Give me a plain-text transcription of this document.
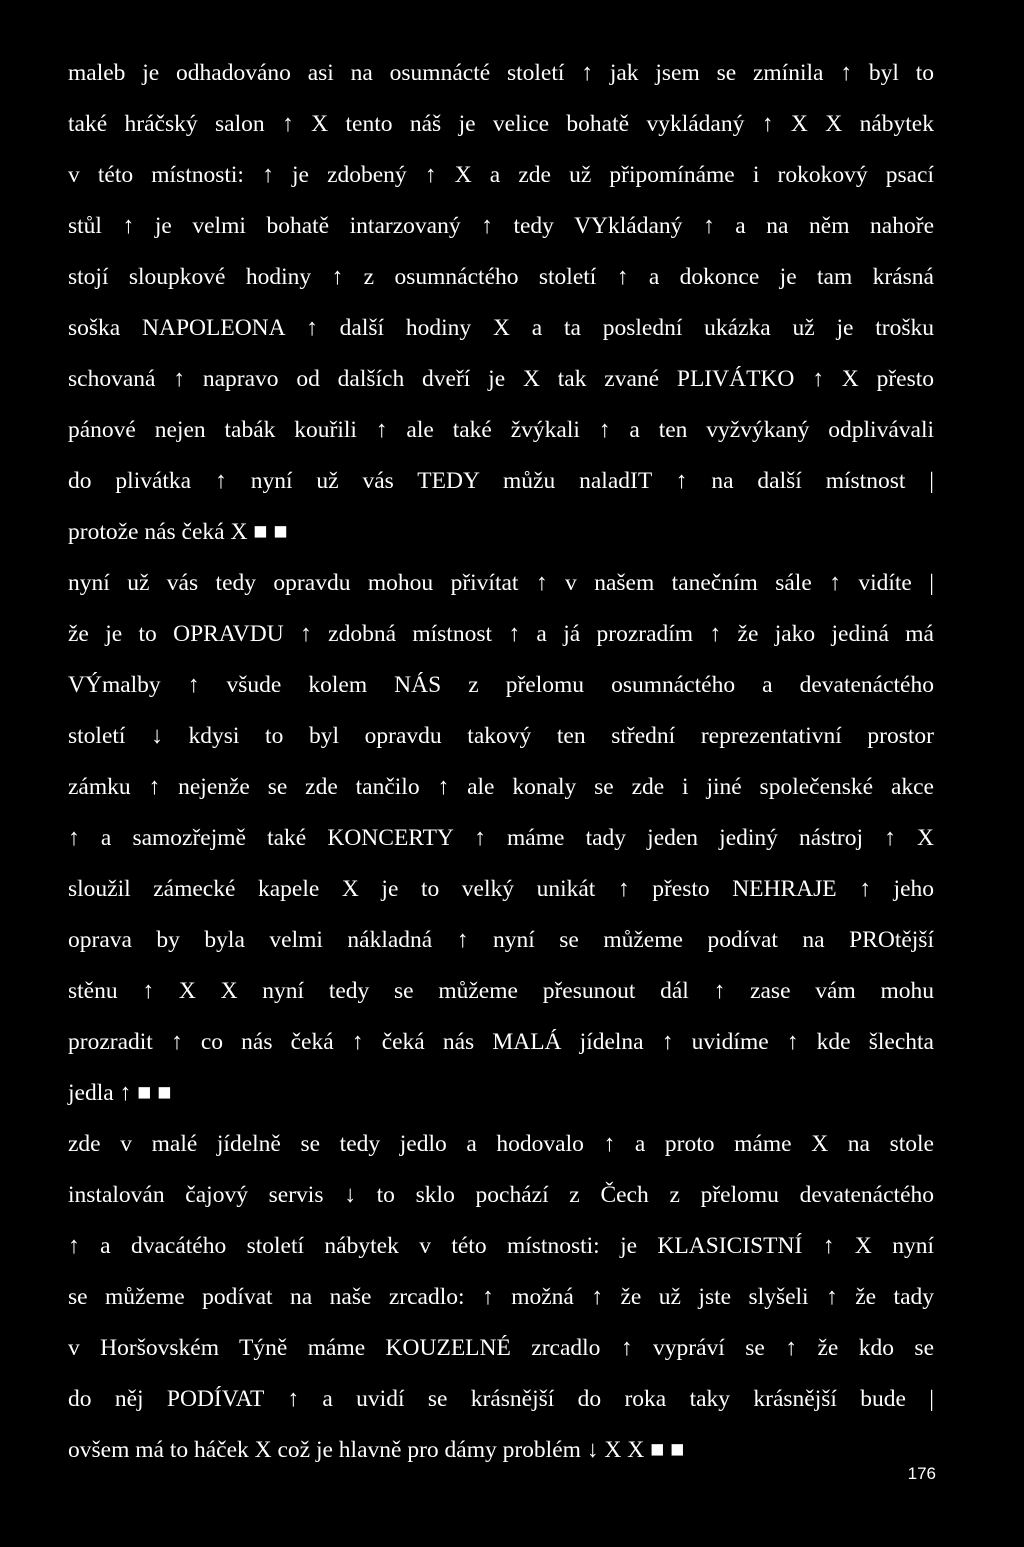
maleb je odhadováno asi na osumnácté století ↑ jak jsem se zmínila ↑ byl to
také hráčský salon ↑ X tento náš je velice bohatě vykládaný ↑ X X nábytek
v této místnosti: ↑ je zdobený ↑ X a zde už připomínáme i rokokový psací
stůl ↑ je velmi bohatě intarzovaný ↑ tedy VYkládaný ↑ a na něm nahoře
stojí sloupkové hodiny ↑ z osumnáctého století ↑ a dokonce je tam krásná
soška NAPOLEONA ↑ další hodiny X a ta poslední ukázka už je trošku
schovaná ↑ napravo od dalších dveří je X tak zvané PLIVÁTKO ↑ X přesto
pánové nejen tabák kouřili ↑ ale také žvýkali ↑ a ten vyžvýkaný odplivávali
do plivátka ↑ nyní už vás TEDY můžu naladIT ↑ na další místnost |
protože nás čeká X ■ ■
nyní už vás tedy opravdu mohou přivítat ↑ v našem tanečním sále ↑ vidíte |
že je to OPRAVDU ↑ zdobná místnost ↑ a já prozradím ↑ že jako jediná má
VÝmalby ↑ všude kolem NÁS z přelomu osumnáctého a devatenáctého
století ↓ kdysi to byl opravdu takový ten střední reprezentativní prostor
zámku ↑ nejenže se zde tančilo ↑ ale konaly se zde i jiné společenské akce
↑ a samozřejmě také KONCERTY ↑ máme tady jeden jediný nástroj ↑ X
sloužil zámecké kapele X je to velký unikát ↑ přesto NEHRAJE ↑ jeho
oprava by byla velmi nákladná ↑ nyní se můžeme podívat na PROtější
stěnu ↑ X X nyní tedy se můžeme přesunout dál ↑ zase vám mohu
prozradit ↑ co nás čeká ↑ čeká nás MALÁ jídelna ↑ uvidíme ↑ kde šlechta
jedla ↑ ■ ■
zde v malé jídelně se tedy jedlo a hodovalo ↑ a proto máme X na stole
instalován čajový servis ↓ to sklo pochází z Čech z přelomu devatenáctého
↑ a dvacátého století nábytek v této místnosti: je KLASICISTNÍ ↑ X nyní
se můžeme podívat na naše zrcadlo: ↑ možná ↑ že už jste slyšeli ↑ že tady
v Horšovském Týně máme KOUZELNÉ zrcadlo ↑ vypráví se ↑ že kdo se
do něj PODÍVAT ↑ a uvidí se krásnější do roka taky krásnější bude |
ovšem má to háček X což je hlavně pro dámy problém ↓ X X ■ ■
176
